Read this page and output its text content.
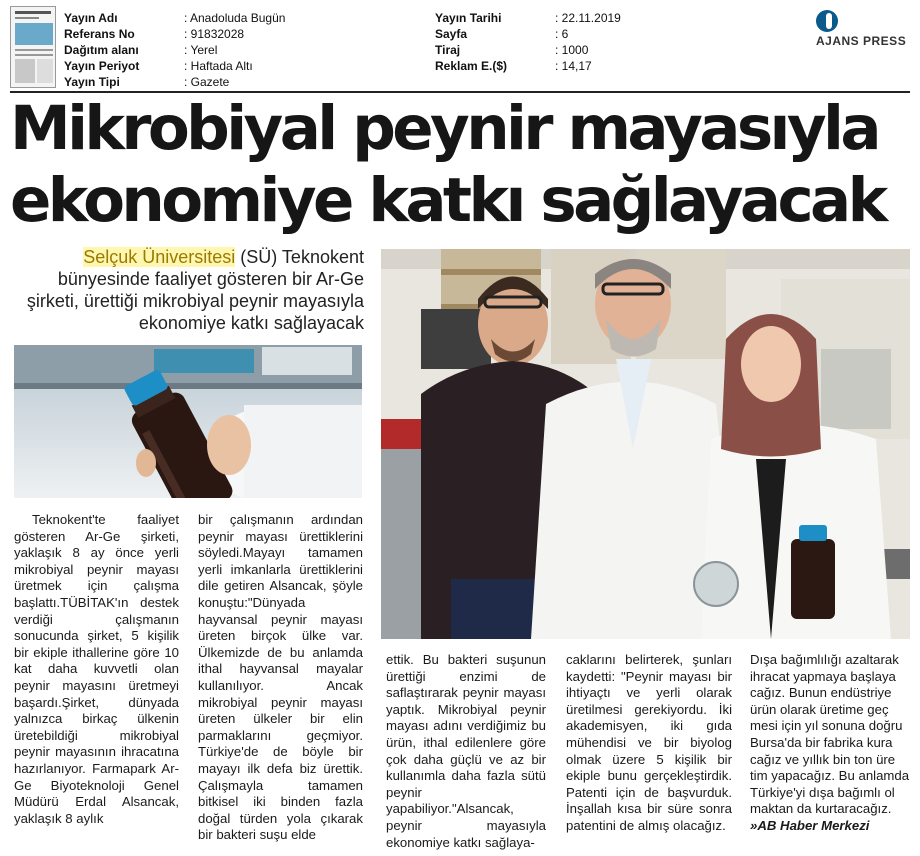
Yayın Adı	: Anadoluda Bugün
Referans No	: 91832028
Dağıtım alanı	: Yerel
Yayın Periyot	: Haftada Altı
Yayın Tipi	: Gazete
Yayın Tarihi	: 22.11.2019
Sayfa	: 6
Tiraj	: 1000
Reklam E.($)	: 14,17
AJANS PRESS
Mikrobiyal peynir mayasıyla
ekonomiye katkı sağlayacak
Selçuk Üniversitesi (SÜ) Teknokent bünyesinde faaliyet gösteren bir Ar-Ge şirketi, ürettiği mikrobiyal peynir mayasıyla ekonomiye katkı sağlayacak

Teknokent'te faaliyet gösteren Ar-Ge şirketi, yaklaşık 8 ay önce yerli mikrobiyal peynir mayası üretmek için çalışma başlattı.TÜBİTAK'ın destek verdiği çalışmanın sonucunda şirket, 5 kişilik bir ekiple ithallerine göre 10 kat daha kuvvetli olan peynir mayasını üretmeyi başardı.Şirket, dünyada yalnızca birkaç ülkenin üretebildiği mikrobiyal peynir mayasının ihracatına hazırlanıyor. Farmapark Ar-Ge Biyoteknoloji Genel Müdürü Erdal Alsancak, yaklaşık 8 aylık

bir çalışmanın ardından peynir mayası ürettiklerini söyledi.Mayayı tamamen yerli imkanlarla ürettiklerini dile getiren Alsancak, şöyle konuştu:"Dünyada hayvansal peynir mayası üreten birçok ülke var. Ülkemizde de bu anlamda ithal hayvansal mayalar kullanılıyor. Ancak mikrobiyal peynir mayası üreten ülkeler bir elin parmaklarını geçmiyor. Türkiye'de de böyle bir mayayı ilk defa biz ürettik. Çalışmayla tamamen bitkisel iki binden fazla doğal türden yola çıkarak bir bakteri suşu elde
ettik. Bu bakteri suşunun ürettiği enzimi de saflaştırarak peynir mayası yaptık. Mikrobiyal peynir mayası adını verdiğimiz bu ürün, ithal edilenlere göre çok daha güçlü ve az bir kullanımla daha fazla sütü peynir yapabiliyor."Alsancak, peynir mayasıyla ekonomiye katkı sağlaya-
caklarını belirterek, şunları kaydetti: "Peynir mayası bir ihtiyaçtı ve yerli olarak üretilmesi gerekiyordu. İki akademisyen, iki gıda mühendisi ve bir biyolog olmak üzere 5 kişilik bir ekiple bunu gerçekleştirdik. Patenti için de başvurduk. İnşallah kısa bir süre sonra patentini de almış olacağız.
Dışa bağımlılığı azaltarak
ihracat yapmaya başlaya
cağız. Bunun endüstriye
ürün olarak üretime geç
mesi için yıl sonuna doğru
Bursa'da bir fabrika kura
cağız ve yıllık bin ton üre
tim yapacağız. Bu anlamda
Türkiye'yi dışa bağımlı ol
maktan da kurtaracağız.
»AB Haber Merkezi
